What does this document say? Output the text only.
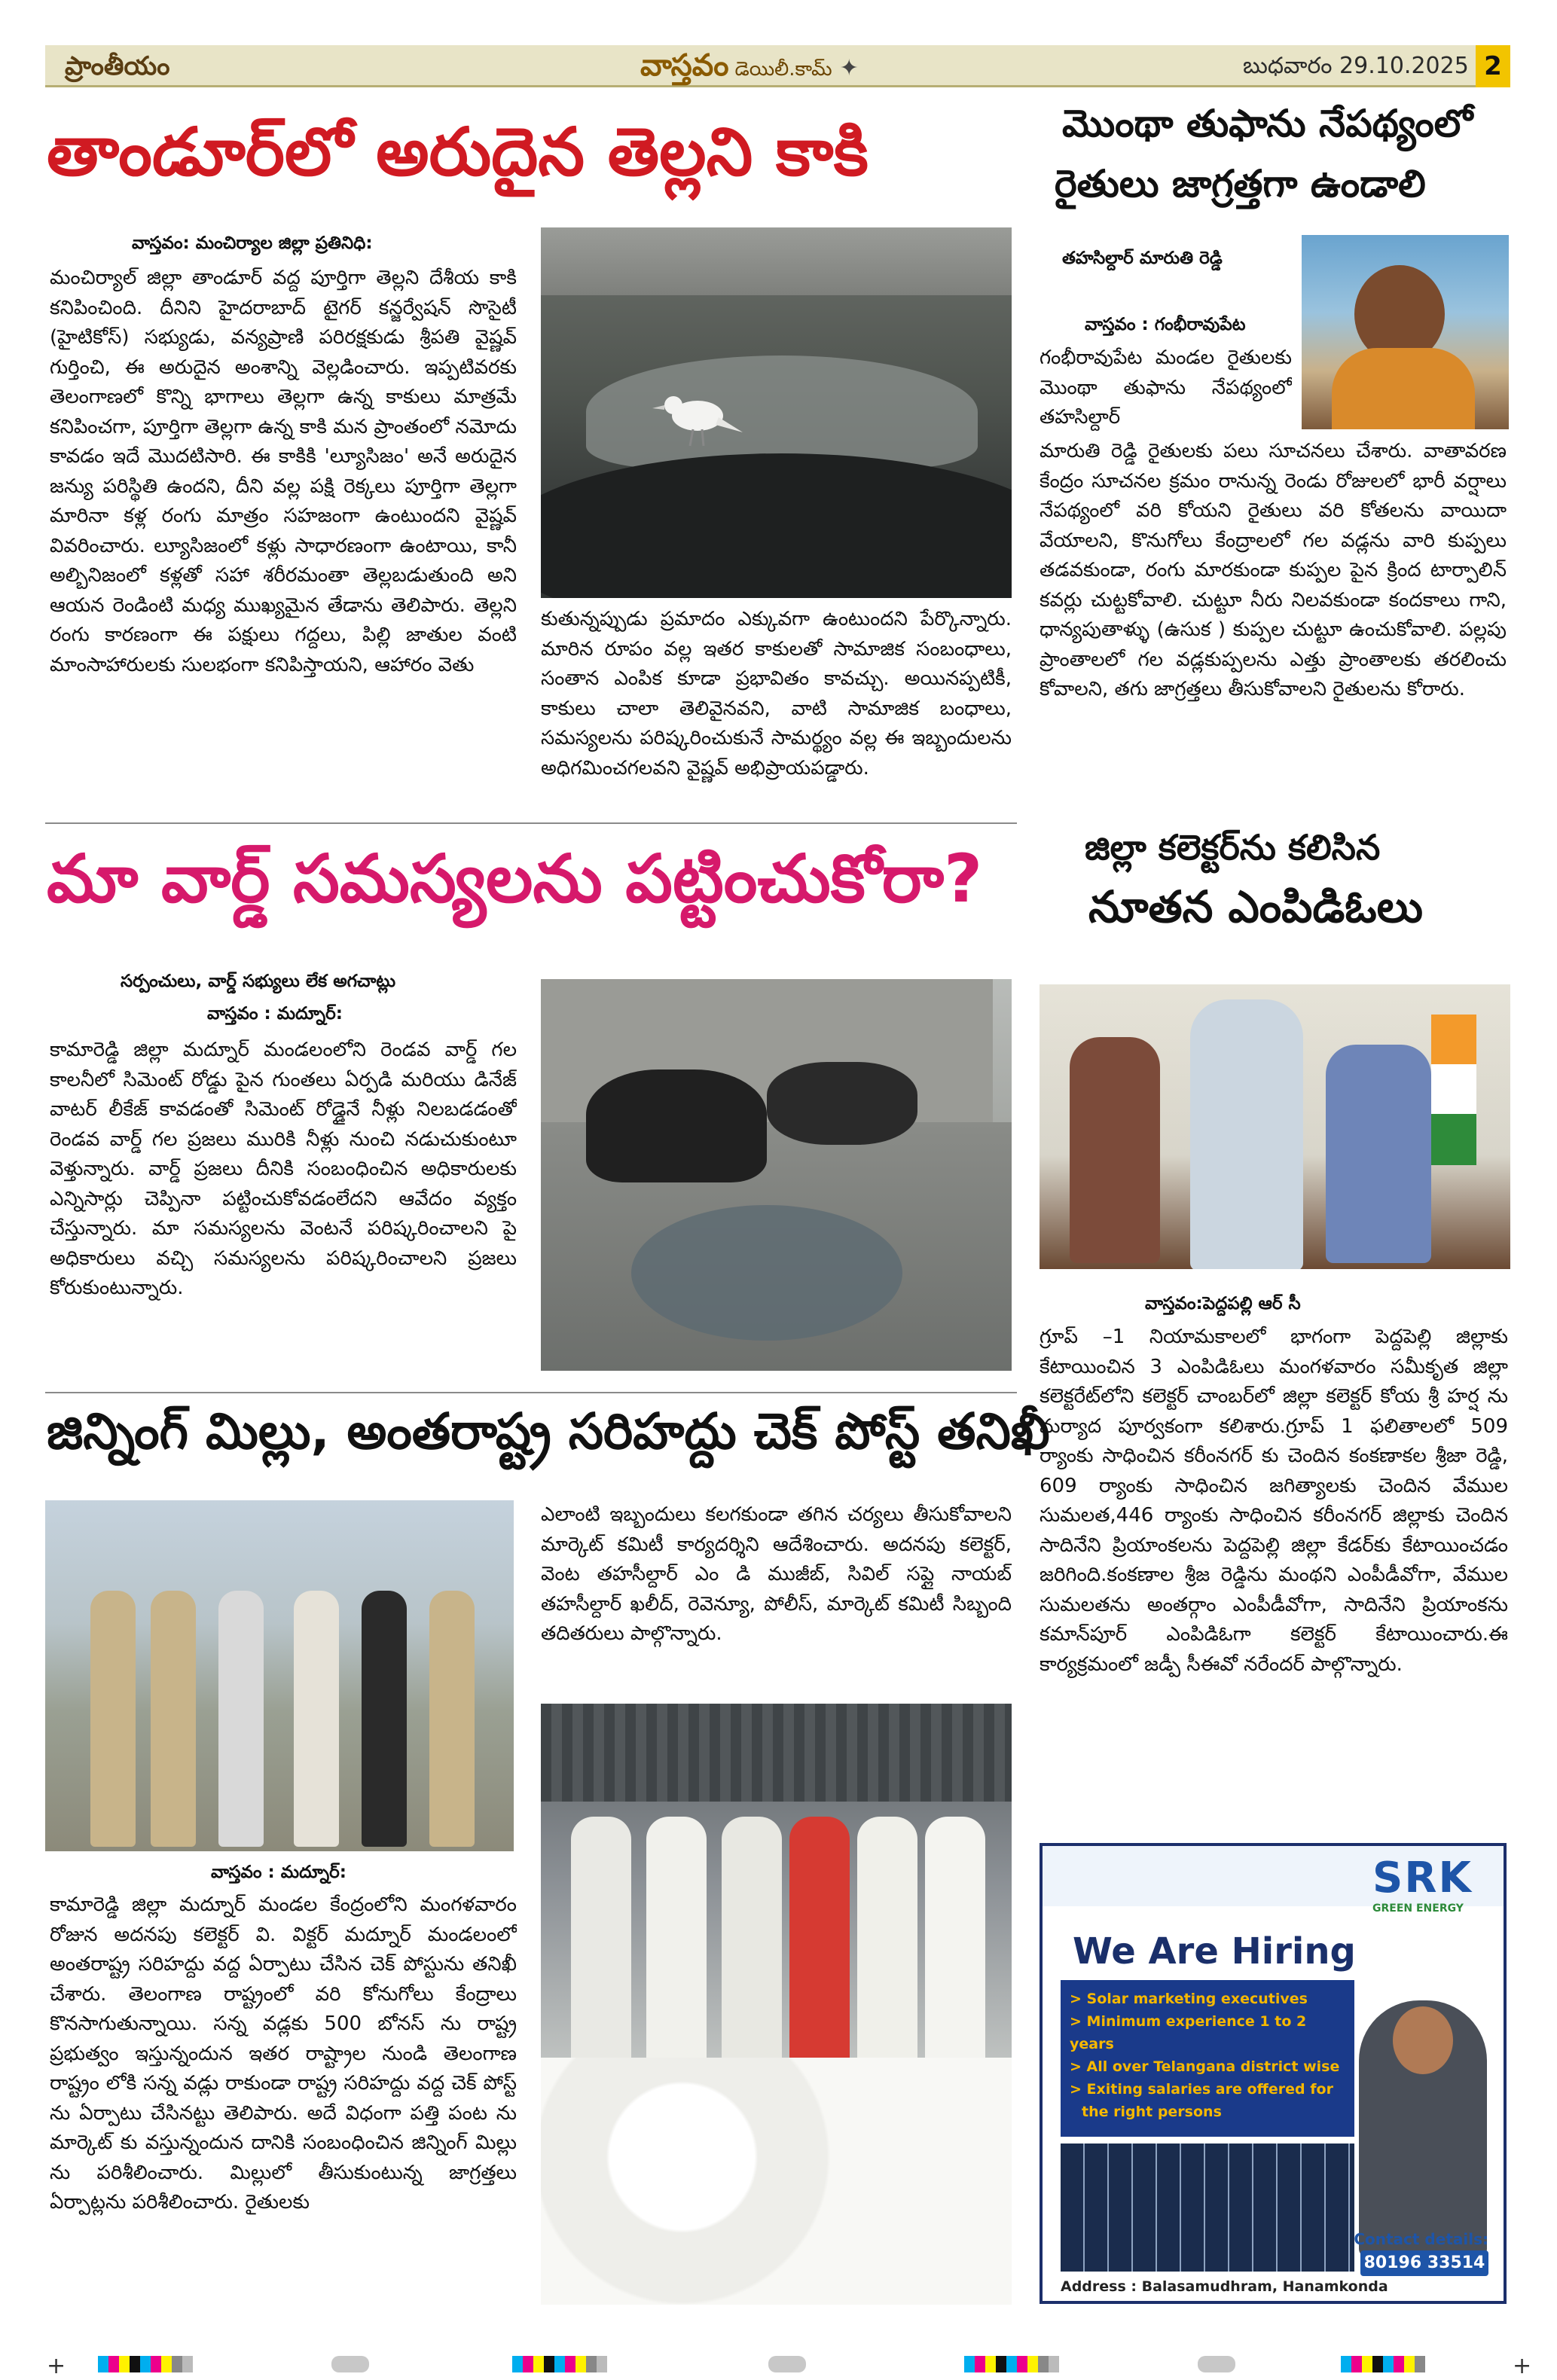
ప్రాంతీయం	వాస్తవం డెయిలీ.కామ్ ✦	బుధవారం 29.10.2025 2
తాండూర్‌లో అరుదైన తెల్లని కాకి
వాస్తవం: మంచిర్యాల జిల్లా ప్రతినిధి:
మంచిర్యాల్ జిల్లా తాండూర్ వద్ద పూర్తిగా తెల్లని దేశీయ కాకి కనిపించింది. దీనిని హైదరాబాద్ టైగర్ కన్జర్వేషన్ సొసైటీ (హైటికోస్) సభ్యుడు, వన్యప్రాణి పరిరక్షకుడు శ్రీపతి వైష్ణవ్ గుర్తించి, ఈ అరుదైన అంశాన్ని వెల్లడించారు. ఇప్పటివరకు తెలంగాణలో కొన్ని భాగాలు తెల్లగా ఉన్న కాకులు మాత్రమే కనిపించగా, పూర్తిగా తెల్లగా ఉన్న కాకి మన ప్రాంతంలో నమోదు కావడం ఇదే మొదటిసారి. ఈ కాకికి 'ల్యూసిజం' అనే అరుదైన జన్యు పరిస్థితి ఉందని, దీని వల్ల పక్షి రెక్కలు పూర్తిగా తెల్లగా మారినా కళ్ల రంగు మాత్రం సహజంగా ఉంటుందని వైష్ణవ్ వివరించారు. ల్యూసిజంలో కళ్లు సాధారణంగా ఉంటాయి, కానీ అల్బినిజంలో కళ్లతో సహా శరీరమంతా తెల్లబడుతుంది అని ఆయన రెండింటి మధ్య ముఖ్యమైన తేడాను తెలిపారు. తెల్లని రంగు కారణంగా ఈ పక్షులు గద్దలు, పిల్లి జాతుల వంటి మాంసాహారులకు సులభంగా కనిపిస్తాయని, ఆహారం వెతు
కుతున్నప్పుడు ప్రమాదం ఎక్కువగా ఉంటుందని పేర్కొన్నారు. మారిన రూపం వల్ల ఇతర కాకులతో సామాజిక సంబంధాలు, సంతాన ఎంపిక కూడా ప్రభావితం కావచ్చు. అయినప్పటికీ, కాకులు చాలా తెలివైనవని, వాటి సామాజిక బంధాలు, సమస్యలను పరిష్కరించుకునే సామర్థ్యం వల్ల ఈ ఇబ్బందులను అధిగమించగలవని వైష్ణవ్ అభిప్రాయపడ్డారు.
మొంథా తుఫాను నేపథ్యంలో
రైతులు జాగ్రత్తగా ఉండాలి
తహసిల్దార్ మారుతి రెడ్డి
వాస్తవం : గంభీరావుపేట
గంభీరావుపేట మండల రైతులకు మొంథా తుఫాను నేపథ్యంలో తహసిల్దార్
మారుతి రెడ్డి రైతులకు పలు సూచనలు చేశారు. వాతావరణ కేంద్రం సూచనల క్రమం రానున్న రెండు రోజులలో భారీ వర్షాలు నేపథ్యంలో వరి కోయని రైతులు వరి కోతలను వాయిదా వేయాలని, కొనుగోలు కేంద్రాలలో గల వడ్లను వారి కుప్పలు తడవకుండా, రంగు మారకుండా కుప్పల పైన క్రింద టార్పాలిన్ కవర్లు చుట్టకోవాలి. చుట్టూ నీరు నిలవకుండా కందకాలు గాని, ధాన్యపుతాళ్ళు (ఉసుక ) కుప్పల చుట్టూ ఉంచుకోవాలి. పల్లపు ప్రాంతాలలో గల వడ్లకుప్పలను ఎత్తు ప్రాంతాలకు తరలించు కోవాలని, తగు జాగ్రత్తలు తీసుకోవాలని రైతులను కోరారు.
మా వార్డ్ సమస్యలను పట్టించుకోరా?
సర్పంచులు, వార్డ్ సభ్యులు లేక అగచాట్లు
వాస్తవం : మద్నూర్:
కామారెడ్డి జిల్లా మద్నూర్ మండలంలోని రెండవ వార్డ్ గల కాలనీలో సిమెంట్ రోడ్డు పైన గుంతలు ఏర్పడి మరియు డినేజ్ వాటర్ లీకేజ్ కావడంతో సిమెంట్ రోడ్డైనే నీళ్లు నిలబడడంతో రెండవ వార్డ్ గల ప్రజలు మురికి నీళ్లు నుంచి నడుచుకుంటూ వెళ్తున్నారు. వార్డ్ ప్రజలు దీనికి సంబంధించిన అధికారులకు ఎన్నిసార్లు చెప్పినా పట్టించుకోవడంలేదని ఆవేదం వ్యక్తం చేస్తున్నారు. మా సమస్యలను వెంటనే పరిష్కరించాలని పై అధికారులు వచ్చి సమస్యలను పరిష్కరించాలని ప్రజలు కోరుకుంటున్నారు.
జిల్లా కలెక్టర్‌ను కలిసిన
నూతన ఎంపిడిఓలు
వాస్తవం:పెద్దపల్లి ఆర్ సీ
గ్రూప్ –1 నియామకాలలో భాగంగా పెద్దపెల్లి జిల్లాకు కేటాయించిన 3 ఎంపిడిఓలు మంగళవారం సమీకృత జిల్లా కలెక్టరేట్‌లోని కలెక్టర్ చాంబర్‌లో జిల్లా కలెక్టర్ కోయ శ్రీ హర్ష ను మర్యాద పూర్వకంగా కలిశారు.గ్రూప్ 1 ఫలితాలలో 509 ర్యాంకు సాధించిన కరీంనగర్ కు చెందిన కంకణాకల శ్రీజా రెడ్డి, 609 ర్యాంకు సాధించిన జగిత్యాలకు చెందిన వేముల సుమలత,446 ర్యాంకు సాధించిన కరీంనగర్ జిల్లాకు చెందిన సాదినేని ప్రియాంకలను పెద్దపెల్లి జిల్లా కేడర్‌కు కేటాయించడం జరిగింది.కంకణాల శ్రీజ రెడ్డిను మంథని ఎంపీడీవోగా, వేముల సుమలతను అంతర్గాం ఎంపీడీవోగా, సాదినేని ప్రియాంకను కమాన్‌పూర్ ఎంపిడిఓగా కలెక్టర్ కేటాయించారు.ఈ కార్యక్రమంలో జడ్పీ సీఈవో నరేందర్ పాల్గొన్నారు.
జిన్నింగ్ మిల్లు, అంతరాష్ట్ర సరిహద్దు చెక్ పోస్ట్ తనిఖీ
వాస్తవం : మద్నూర్:
కామారెడ్డి జిల్లా మద్నూర్ మండల కేంద్రంలోని మంగళవారం రోజున అదనపు కలెక్టర్ వి. విక్టర్ మద్నూర్ మండలంలో అంతరాష్ట్ర సరిహద్దు వద్ద ఏర్పాటు చేసిన చెక్ పోస్టును తనిఖీ చేశారు. తెలంగాణ రాష్ట్రంలో వరి కోనుగోలు కేంద్రాలు కొనసాగుతున్నాయి. సన్న వడ్లకు 500 బోనస్ ను రాష్ట్ర ప్రభుత్వం ఇస్తున్నందున ఇతర రాష్ట్రాల నుండి తెలంగాణ రాష్ట్రం లోకి సన్న వడ్లు రాకుండా రాష్ట్ర సరిహద్దు వద్ద చెక్ పోస్ట్ ను ఏర్పాటు చేసినట్టు తెలిపారు. అదే విధంగా పత్తి పంట ను మార్కెట్ కు వస్తున్నందున దానికి సంబంధించిన జిన్నింగ్ మిల్లు ను పరిశీలించారు. మిల్లులో తీసుకుంటున్న జాగ్రత్తలు ఏర్పాట్లను పరిశీలించారు. రైతులకు
ఎలాంటి ఇబ్బందులు కలగకుండా తగిన చర్యలు తీసుకోవాలని మార్కెట్ కమిటీ కార్యదర్శిని ఆదేశించారు. అదనపు కలెక్టర్, వెంట తహసీల్దార్ ఎం డి ముజీబ్, సివిల్ సప్లై నాయబ్ తహసీల్దార్ ఖలీద్, రెవెన్యూ, పోలీస్, మార్కెట్ కమిటీ సిబ్బంది తదితరులు పాల్గొన్నారు.
SRK
GREEN ENERGY
We Are Hiring
> Solar marketing executives
> Minimum experience 1 to 2 years
> All over Telangana district wise
> Exiting salaries are offered for
the right persons
Contact details:
80196 33514
Address : Balasamudhram, Hanamkonda
+	+
